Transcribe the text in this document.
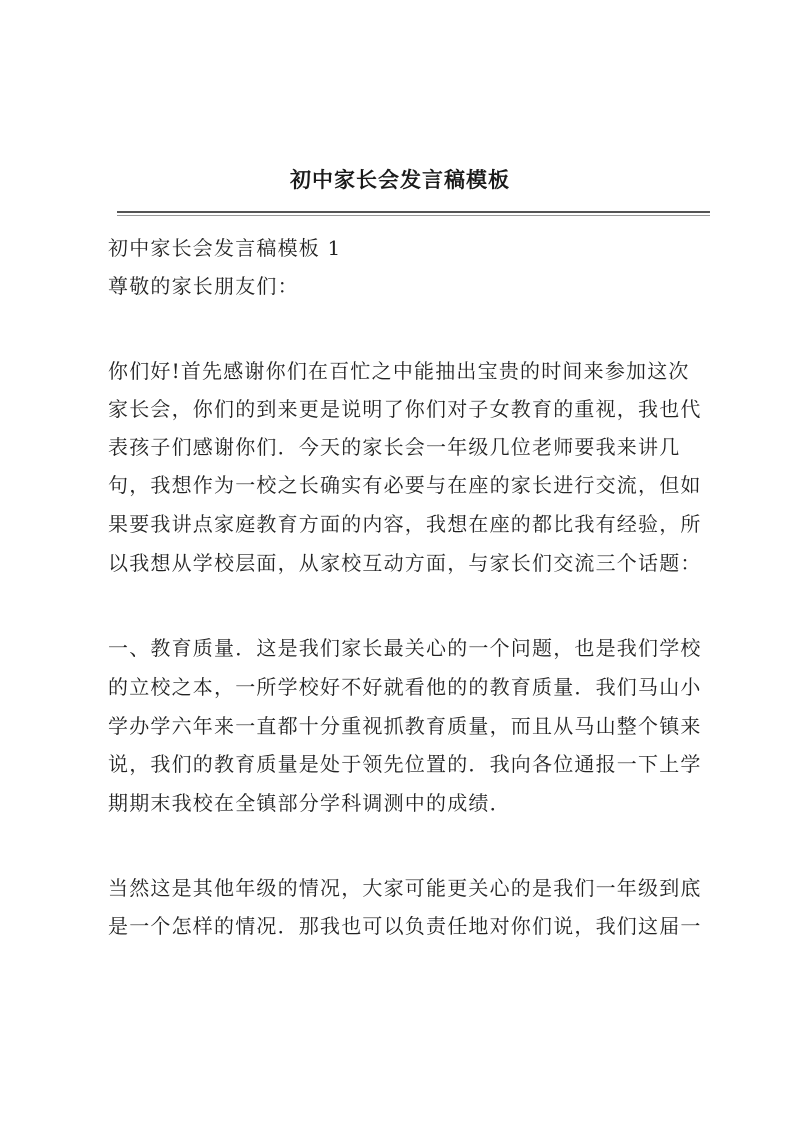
初中家长会发言稿模板
初中家长会发言稿模板 1
尊敬的家长朋友们：
你们好!首先感谢你们在百忙之中能抽出宝贵的时间来参加这次
家长会，你们的到来更是说明了你们对子女教育的重视，我也代
表孩子们感谢你们．今天的家长会一年级几位老师要我来讲几
句，我想作为一校之长确实有必要与在座的家长进行交流，但如
果要我讲点家庭教育方面的内容，我想在座的都比我有经验，所
以我想从学校层面，从家校互动方面，与家长们交流三个话题：
一、教育质量．这是我们家长最关心的一个问题，也是我们学校
的立校之本，一所学校好不好就看他的的教育质量．我们马山小
学办学六年来一直都十分重视抓教育质量，而且从马山整个镇来
说，我们的教育质量是处于领先位置的．我向各位通报一下上学
期期末我校在全镇部分学科调测中的成绩．
当然这是其他年级的情况，大家可能更关心的是我们一年级到底
是一个怎样的情况．那我也可以负责任地对你们说，我们这届一
